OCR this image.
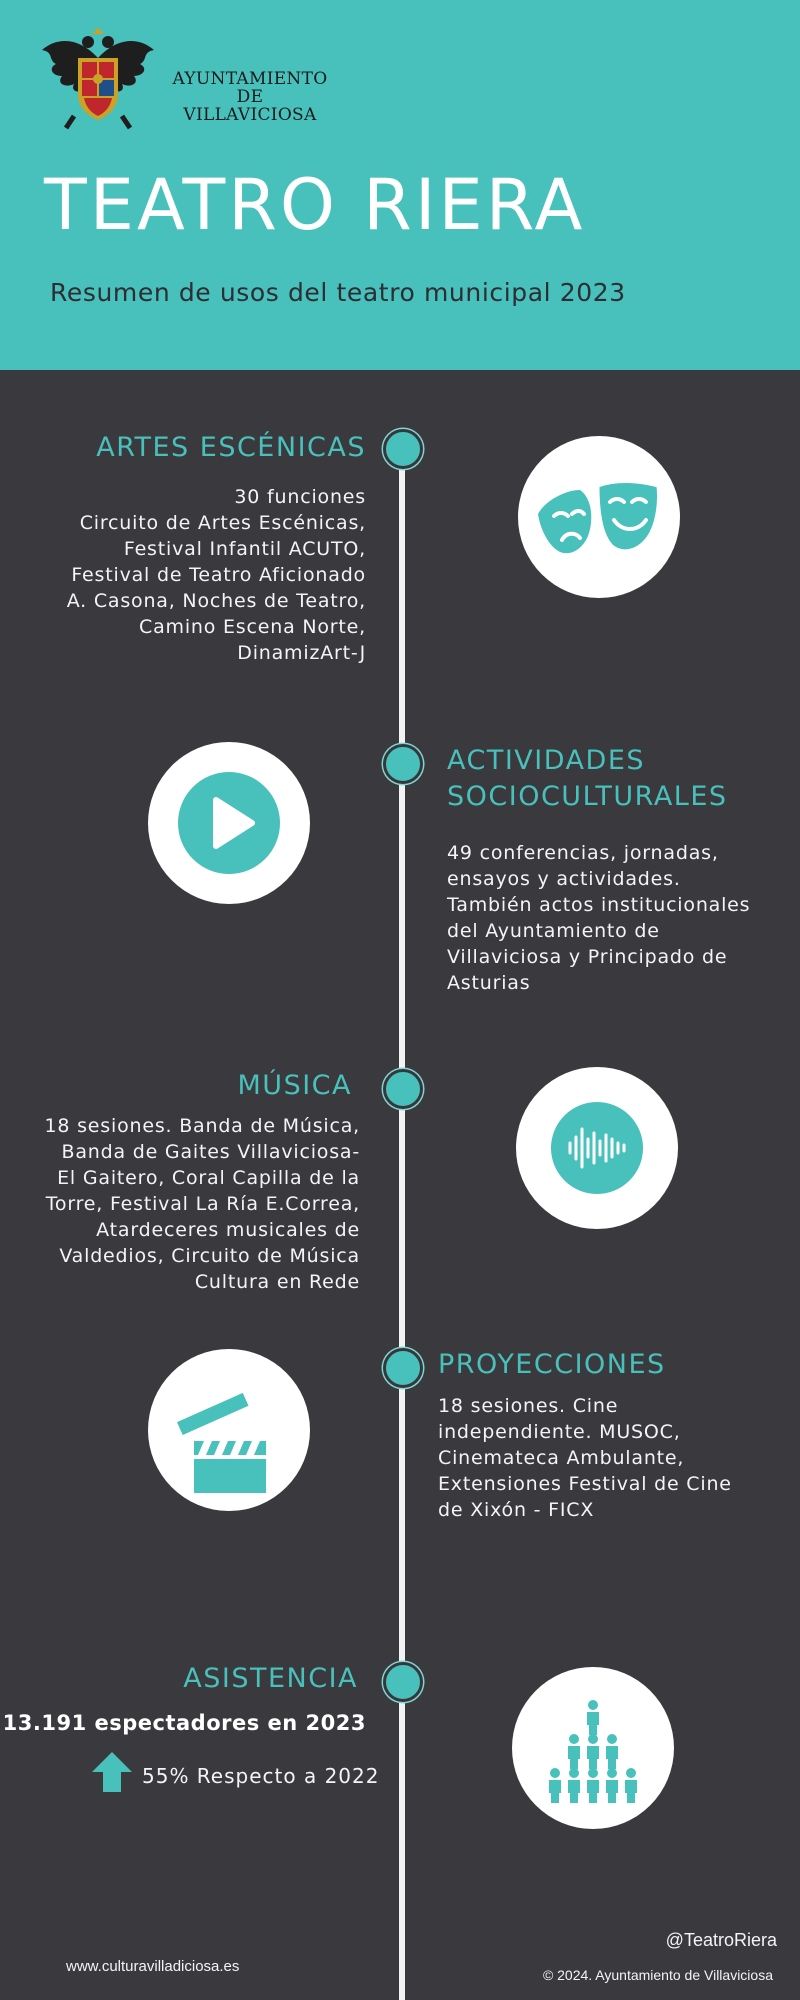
AYUNTAMIENTO DE
VILLAVICIOSA
TEATRO RIERA
Resumen de usos del teatro municipal 2023
ARTES ESCÉNICAS
30 funciones
Circuito de Artes Escénicas,
Festival Infantil ACUTO,
Festival de Teatro Aficionado
A. Casona, Noches de Teatro,
Camino Escena Norte,
DinamizArt-J
ACTIVIDADES
SOCIOCULTURALES
49 conferencias, jornadas,
ensayos y actividades.
También actos institucionales
del Ayuntamiento de
Villaviciosa y Principado de
Asturias
MÚSICA
18 sesiones. Banda de Música,
Banda de Gaites Villaviciosa-
El Gaitero, Coral Capilla de la
Torre, Festival La Ría E.Correa,
Atardeceres musicales de
Valdedios, Circuito de Música
Cultura en Rede
PROYECCIONES
18 sesiones. Cine
independiente. MUSOC,
Cinemateca Ambulante,
Extensiones Festival de Cine
de Xixón - FICX
ASISTENCIA
13.191 espectadores en 2023
55% Respecto a 2022
www.culturavilladiciosa.es
@TeatroRiera
© 2024. Ayuntamiento de Villaviciosa
